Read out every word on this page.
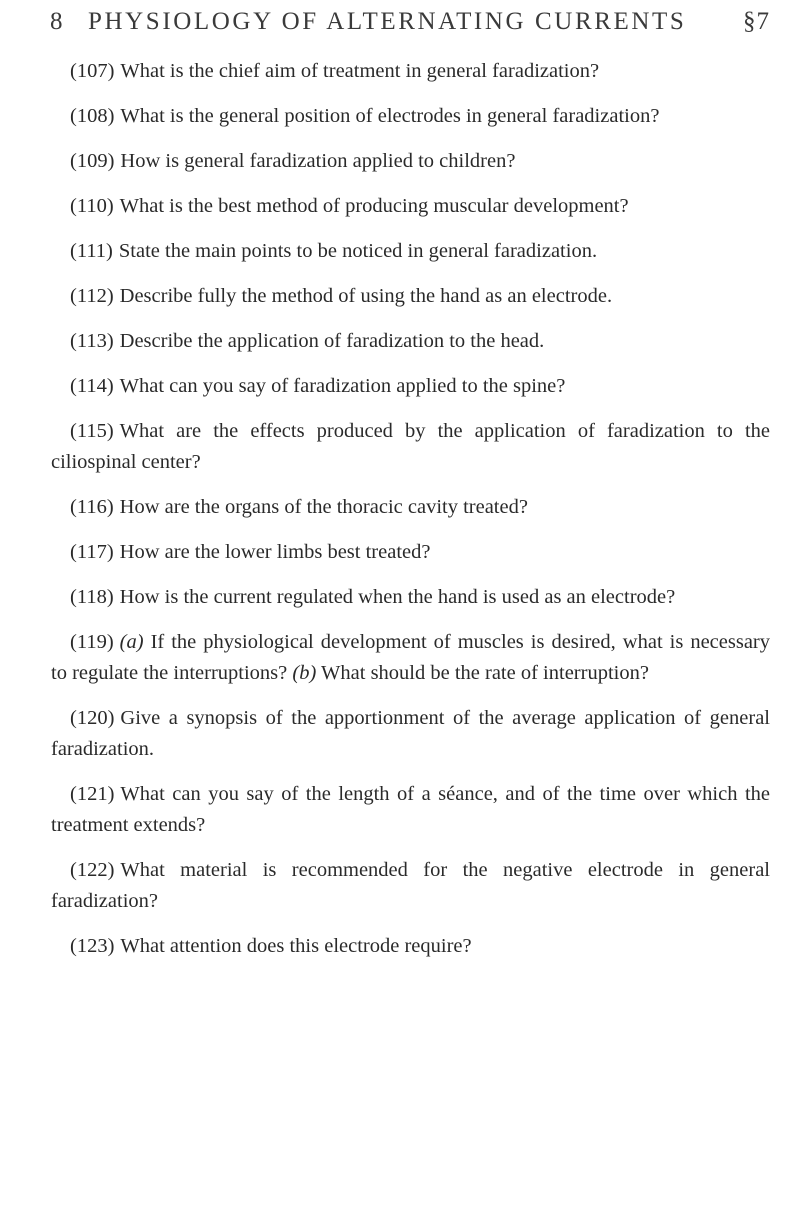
8 PHYSIOLOGY OF ALTERNATING CURRENTS §7

(107) What is the chief aim of treatment in general faradization?

(108) What is the general position of electrodes in general faradization?

(109) How is general faradization applied to children?

(110) What is the best method of producing muscular development?

(111) State the main points to be noticed in general faradization.

(112) Describe fully the method of using the hand as an electrode.

(113) Describe the application of faradization to the head.

(114) What can you say of faradization applied to the spine?

(115) What are the effects produced by the application of faradization to the ciliospinal center?

(116) How are the organs of the thoracic cavity treated?

(117) How are the lower limbs best treated?

(118) How is the current regulated when the hand is used as an electrode?

(119) (a) If the physiological development of muscles is desired, what is necessary to regulate the interruptions? (b) What should be the rate of interruption?

(120) Give a synopsis of the apportionment of the average application of general faradization.

(121) What can you say of the length of a séance, and of the time over which the treatment extends?

(122) What material is recommended for the negative electrode in general faradization?

(123) What attention does this electrode require?
